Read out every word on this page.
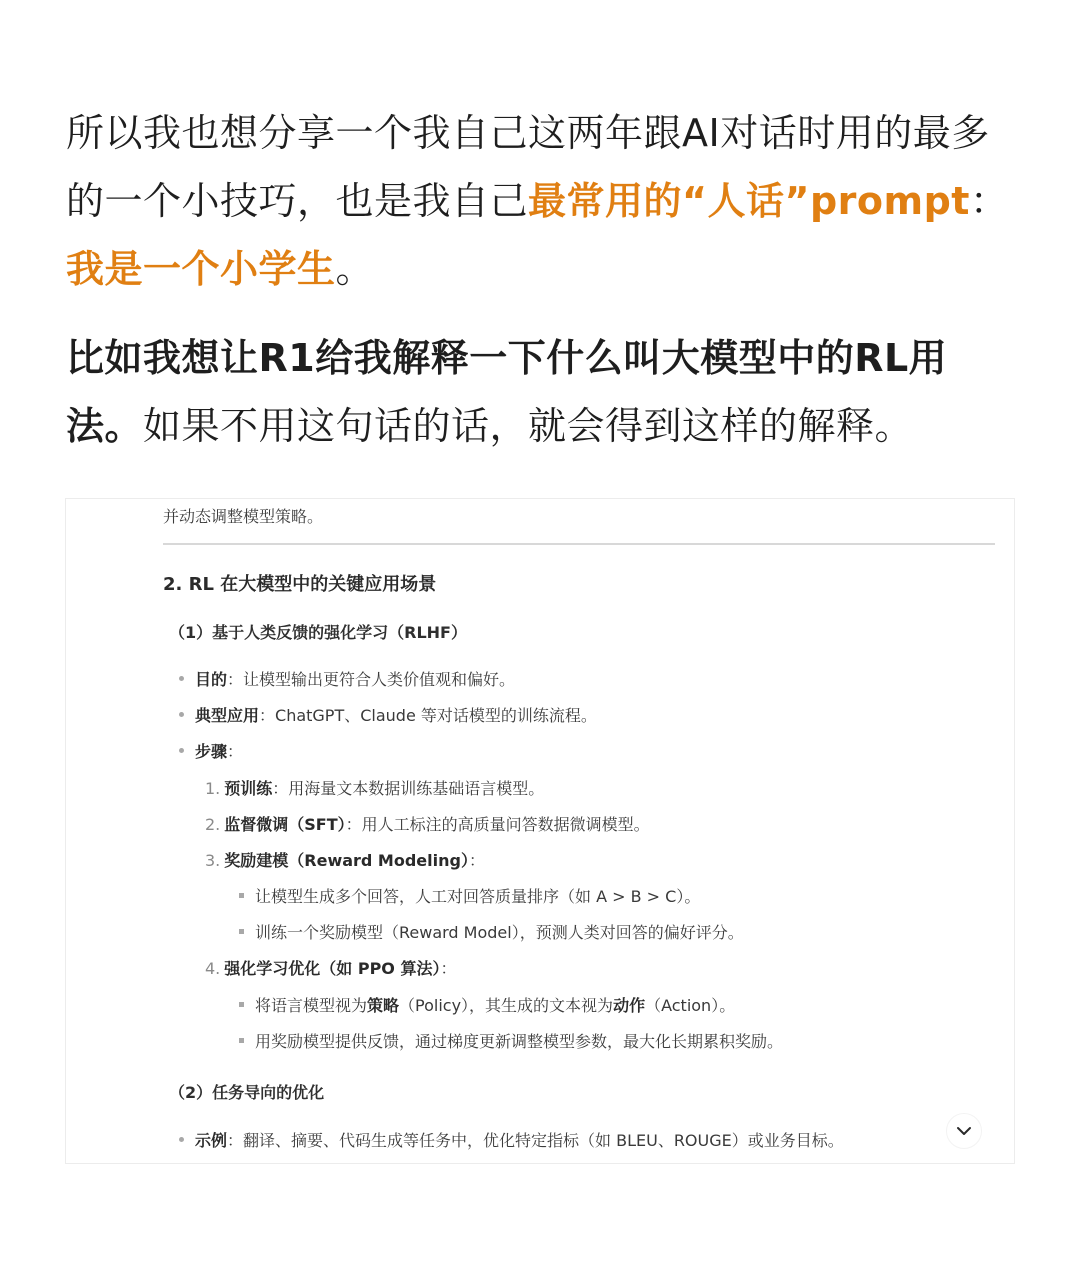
所以我也想分享一个我自己这两年跟AI对话时用的最多的一个小技巧，也是我自己最常用的“人话”prompt：我是一个小学生。

比如我想让R1给我解释一下什么叫大模型中的RL用法。如果不用这句话的话，就会得到这样的解释。

并动态调整模型策略。
2. RL 在大模型中的关键应用场景
（1）基于人类反馈的强化学习（RLHF）
目的：让模型输出更符合人类价值观和偏好。
典型应用：ChatGPT、Claude 等对话模型的训练流程。
步骤：
1. 预训练：用海量文本数据训练基础语言模型。
2. 监督微调（SFT）：用人工标注的高质量问答数据微调模型。
3. 奖励建模（Reward Modeling）：
让模型生成多个回答，人工对回答质量排序（如 A > B > C）。
训练一个奖励模型（Reward Model），预测人类对回答的偏好评分。
4. 强化学习优化（如 PPO 算法）：
将语言模型视为策略（Policy），其生成的文本视为动作（Action）。
用奖励模型提供反馈，通过梯度更新调整模型参数，最大化长期累积奖励。
（2）任务导向的优化
示例：翻译、摘要、代码生成等任务中，优化特定指标（如 BLEU、ROUGE）或业务目标。
